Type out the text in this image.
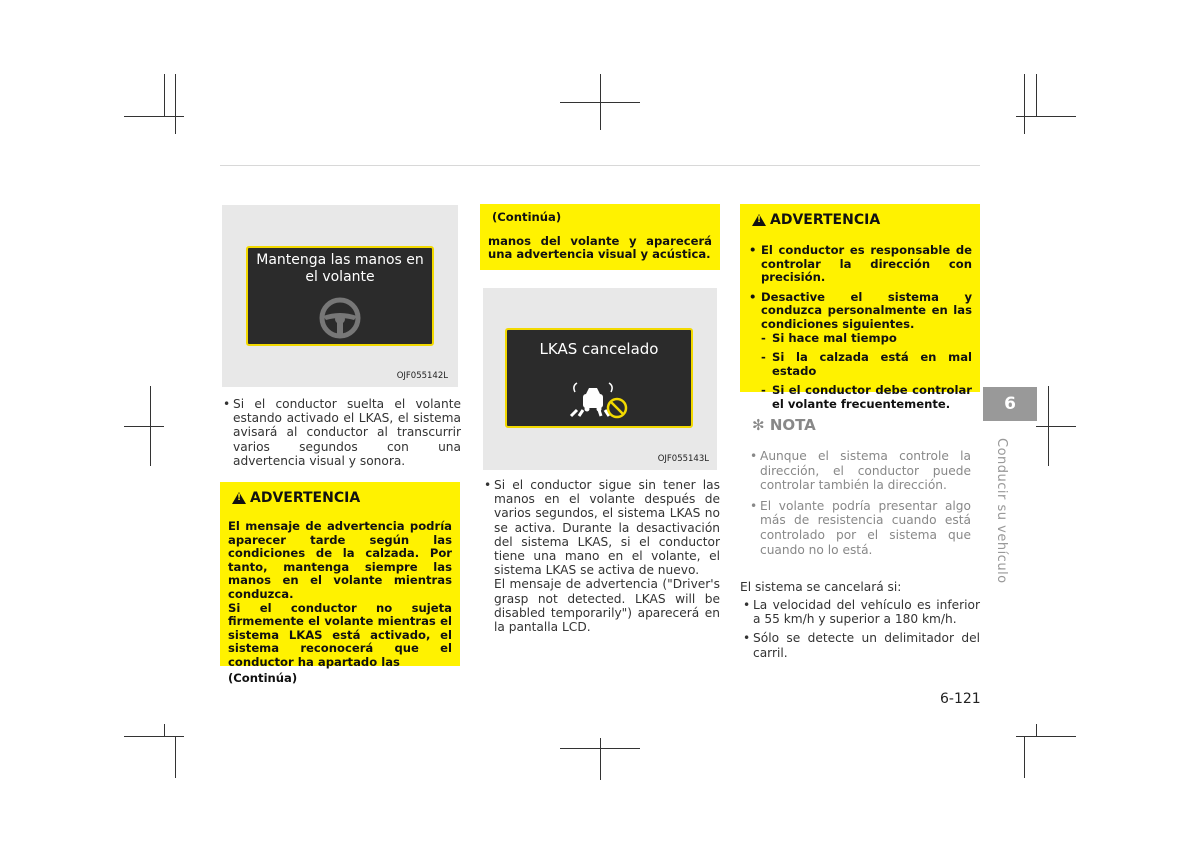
Mantenga las manos en el volante
OJF055142L
• Si el conductor suelta el volante estando activado el LKAS, el sistema avisará al conductor al transcurrir varios segundos con una advertencia visual y sonora.
! ADVERTENCIA
El mensaje de advertencia podría aparecer tarde según las condiciones de la calzada. Por tanto, mantenga siempre las manos en el volante mientras conduzca.
Si el conductor no sujeta firmemente el volante mientras el sistema LKAS está activado, el sistema reconocerá que el conductor ha apartado las
(Continúa)
(Continúa)
manos del volante y aparecerá una advertencia visual y acústica.
LKAS cancelado
OJF055143L
• Si el conductor sigue sin tener las manos en el volante después de varios segundos, el sistema LKAS no se activa. Durante la desactivación del sistema LKAS, si el conductor tiene una mano en el volante, el sistema LKAS se activa de nuevo.
El mensaje de advertencia ("Driver's grasp not detected. LKAS will be disabled temporarily") aparecerá en la pantalla LCD.
! ADVERTENCIA
• El conductor es responsable de controlar la dirección con precisión.
• Desactive el sistema y conduzca personalmente en las condiciones siguientes.
- Si hace mal tiempo
- Si la calzada está en mal estado
- Si el conductor debe controlar el volante frecuentemente.
✻ NOTA
• Aunque el sistema controle la dirección, el conductor puede controlar también la dirección.
• El volante podría presentar algo más de resistencia cuando está controlado por el sistema que cuando no lo está.
El sistema se cancelará si:
• La velocidad del vehículo es inferior a 55 km/h y superior a 180 km/h.
• Sólo se detecte un delimitador del carril.
6
Conducir su vehículo
6-121
